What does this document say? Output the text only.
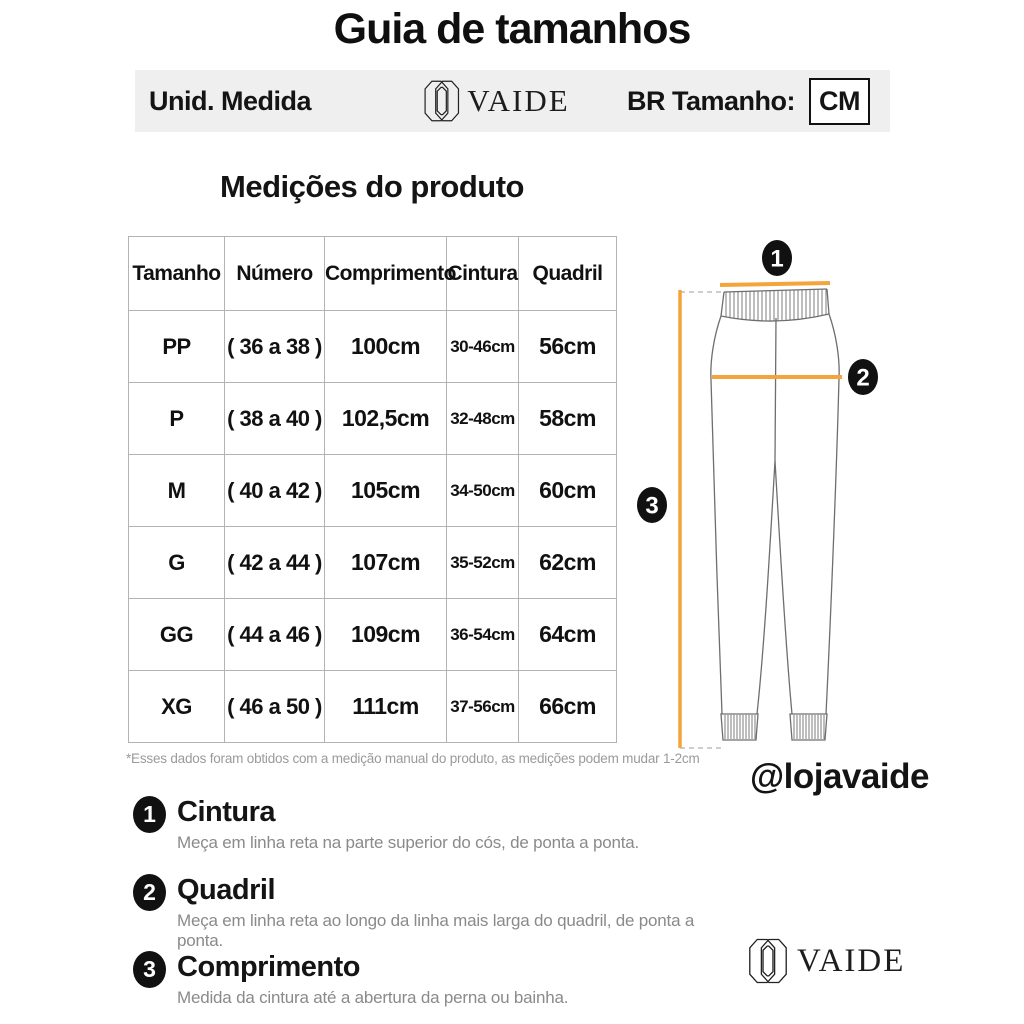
Guia de tamanhos
Unid. Medida	VAIDE BR Tamanho: CM
Medições do produto
Tamanho	Número	Comprimento	Cintura	Quadril
PP	( 36 a 38 )	100cm	30-46cm	56cm
P	( 38 a 40 )	102,5cm	32-48cm	58cm
M	( 40 a 42 )	105cm	34-50cm	60cm
G	( 42 a 44 )	107cm	35-52cm	62cm
GG	( 44 a 46 )	109cm	36-54cm	64cm
XG	( 46 a 50 )	111cm	37-56cm	66cm
*Esses dados foram obtidos com a medição manual do produto, as medições podem mudar 1-2cm
1 Cintura
Meça em linha reta na parte superior do cós, de ponta a ponta.
2 Quadril
Meça em linha reta ao longo da linha mais larga do quadril, de ponta a ponta.
3 Comprimento
Medida da cintura até a abertura da perna ou bainha.
1
2
3
@lojavaide
VAIDE
